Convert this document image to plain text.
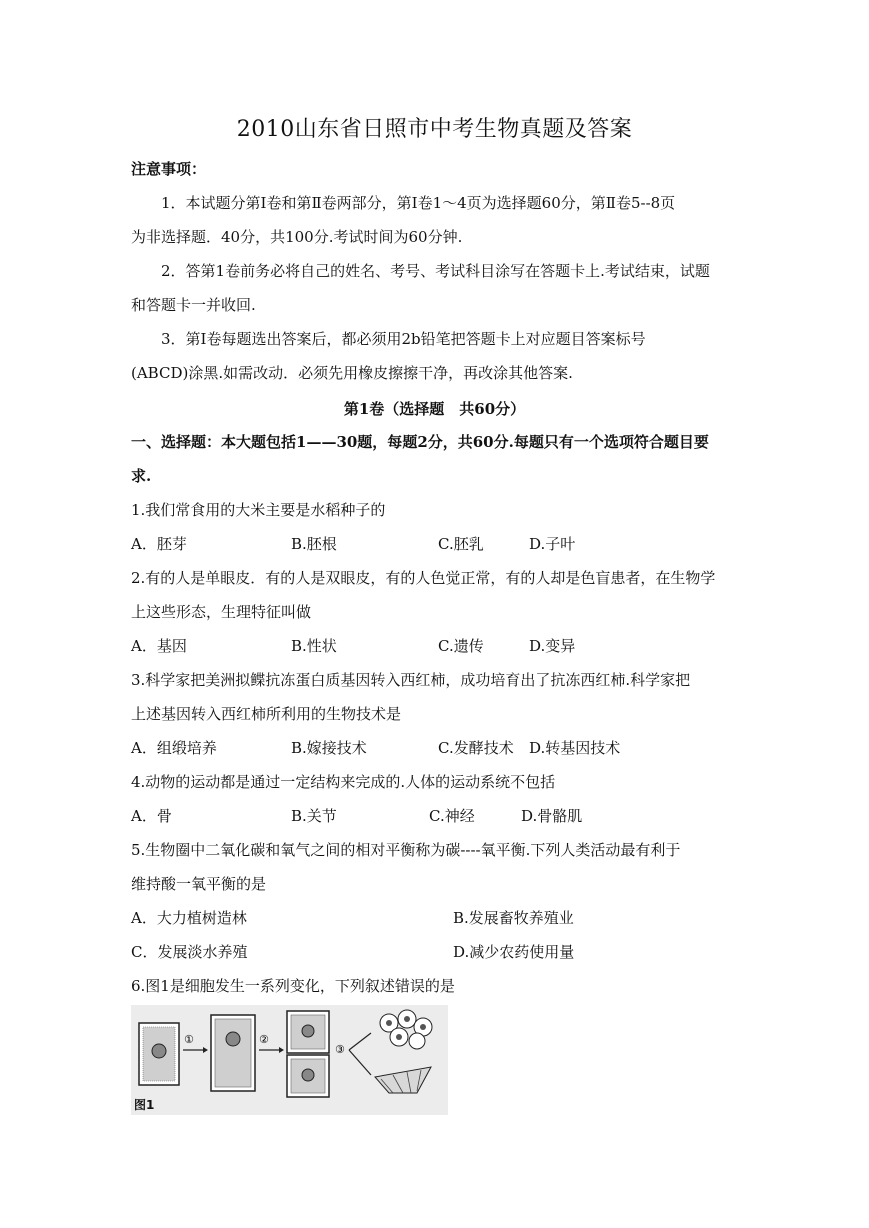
2010山东省日照市中考生物真题及答案
注意事项：
1．本试题分第Ⅰ卷和第Ⅱ卷两部分，第Ⅰ卷1～4页为选择题60分，第Ⅱ卷5--8页
为非选择题．40分，共100分.考试时间为60分钟.
2．答第1卷前务必将自己的姓名、考号、考试科目涂写在答题卡上.考试结束，试题
和答题卡一并收回.
3．第Ⅰ卷每题选出答案后，都必须用2b铅笔把答题卡上对应题目答案标号
(ABCD)涂黑.如需改动．必须先用橡皮擦擦干净，再改涂其他答案.
第1卷（选择题　共60分）
一、选择题：本大题包括1——30题，每题2分，共60分.每题只有一个选项符合题目要
求.
1.我们常食用的大米主要是水稻种子的
A．胚芽	B.胚根	C.胚乳	D.子叶
2.有的人是单眼皮．有的人是双眼皮，有的人色觉正常，有的人却是色盲患者，在生物学
上这些形态，生理特征叫做
A．基因	B.性状	C.遗传	D.变异
3.科学家把美洲拟鲽抗冻蛋白质基因转入西红柿，成功培育出了抗冻西红柿.科学家把
上述基因转入西红柿所利用的生物技术是
A．组缎培养	B.嫁接技术	C.发酵技术 D.转基因技术
4.动物的运动都是通过一定结构来完成的.人体的运动系统不包括
A．骨	B.关节	C.神经	D.骨骼肌
5.生物圈中二氧化碳和氧气之间的相对平衡称为碳----氧平衡.下列人类活动最有利于
维持酸一氧平衡的是
A．大力植树造林	B.发展畜牧养殖业
C．发展淡水养殖	D.减少农药使用量
6.图1是细胞发生一系列变化，下列叙述错误的是
①	②
③
图1
